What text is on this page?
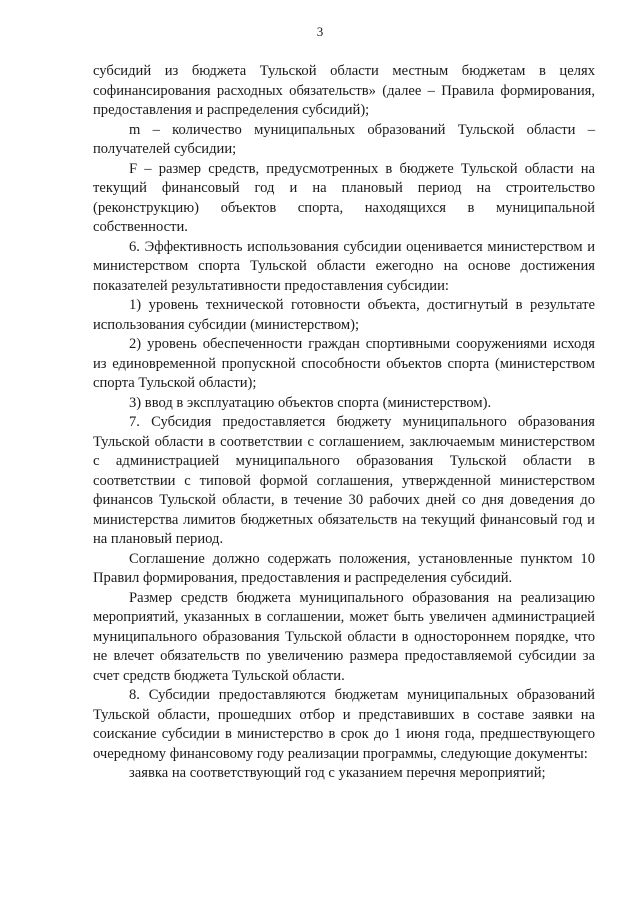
3

субсидий из бюджета Тульской области местным бюджетам в целях софинансирования расходных обязательств» (далее – Правила формирования, предоставления и распределения субсидий);

m – количество муниципальных образований Тульской области – получателей субсидии;

F – размер средств, предусмотренных в бюджете Тульской области на текущий финансовый год и на плановый период на строительство (реконструкцию) объектов спорта, находящихся в муниципальной собственности.

6. Эффективность использования субсидии оценивается министерством и министерством спорта Тульской области ежегодно на основе достижения показателей результативности предоставления субсидии:

1) уровень технической готовности объекта, достигнутый в результате использования субсидии (министерством);

2) уровень обеспеченности граждан спортивными сооружениями исходя из единовременной пропускной способности объектов спорта (министерством спорта Тульской области);

3) ввод в эксплуатацию объектов спорта (министерством).

7. Субсидия предоставляется бюджету муниципального образования Тульской области в соответствии с соглашением, заключаемым министерством с администрацией муниципального образования Тульской области в соответствии с типовой формой соглашения, утвержденной министерством финансов Тульской области, в течение 30 рабочих дней со дня доведения до министерства лимитов бюджетных обязательств на текущий финансовый год и на плановый период.

Соглашение должно содержать положения, установленные пунктом 10 Правил формирования, предоставления и распределения субсидий.

Размер средств бюджета муниципального образования на реализацию мероприятий, указанных в соглашении, может быть увеличен администрацией муниципального образования Тульской области в одностороннем порядке, что не влечет обязательств по увеличению размера предоставляемой субсидии за счет средств бюджета Тульской области.

8. Субсидии предоставляются бюджетам муниципальных образований Тульской области, прошедших отбор и представивших в составе заявки на соискание субсидии в министерство в срок до 1 июня года, предшествующего очередному финансовому году реализации программы, следующие документы:

заявка на соответствующий год с указанием перечня мероприятий;
